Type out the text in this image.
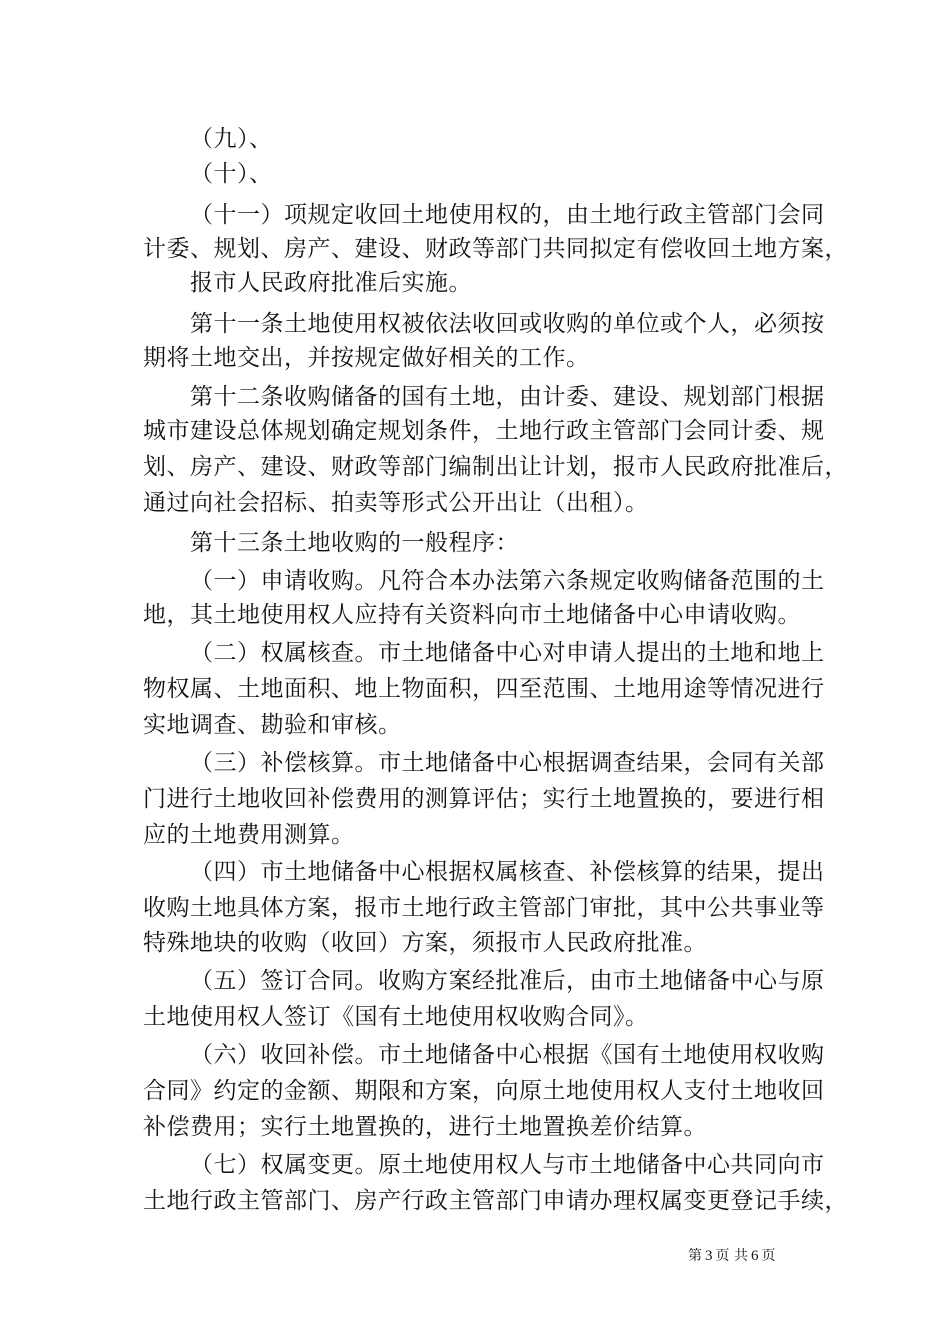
（九）、
（十）、
（十一）项规定收回土地使用权的，由土地行政主管部门会同
计委、规划、房产、建设、财政等部门共同拟定有偿收回土地方案，
报市人民政府批准后实施。
第十一条土地使用权被依法收回或收购的单位或个人，必须按
期将土地交出，并按规定做好相关的工作。
第十二条收购储备的国有土地，由计委、建设、规划部门根据
城市建设总体规划确定规划条件，土地行政主管部门会同计委、规
划、房产、建设、财政等部门编制出让计划，报市人民政府批准后，
通过向社会招标、拍卖等形式公开出让（出租）。
第十三条土地收购的一般程序：
（一）申请收购。凡符合本办法第六条规定收购储备范围的土
地，其土地使用权人应持有关资料向市土地储备中心申请收购。
（二）权属核查。市土地储备中心对申请人提出的土地和地上
物权属、土地面积、地上物面积，四至范围、土地用途等情况进行
实地调查、勘验和审核。
（三）补偿核算。市土地储备中心根据调查结果，会同有关部
门进行土地收回补偿费用的测算评估；实行土地置换的，要进行相
应的土地费用测算。
（四）市土地储备中心根据权属核查、补偿核算的结果，提出
收购土地具体方案，报市土地行政主管部门审批，其中公共事业等
特殊地块的收购（收回）方案，须报市人民政府批准。
（五）签订合同。收购方案经批准后，由市土地储备中心与原
土地使用权人签订《国有土地使用权收购合同》。
（六）收回补偿。市土地储备中心根据《国有土地使用权收购
合同》约定的金额、期限和方案，向原土地使用权人支付土地收回
补偿费用；实行土地置换的，进行土地置换差价结算。
（七）权属变更。原土地使用权人与市土地储备中心共同向市
土地行政主管部门、房产行政主管部门申请办理权属变更登记手续，
第 3 页 共 6 页
